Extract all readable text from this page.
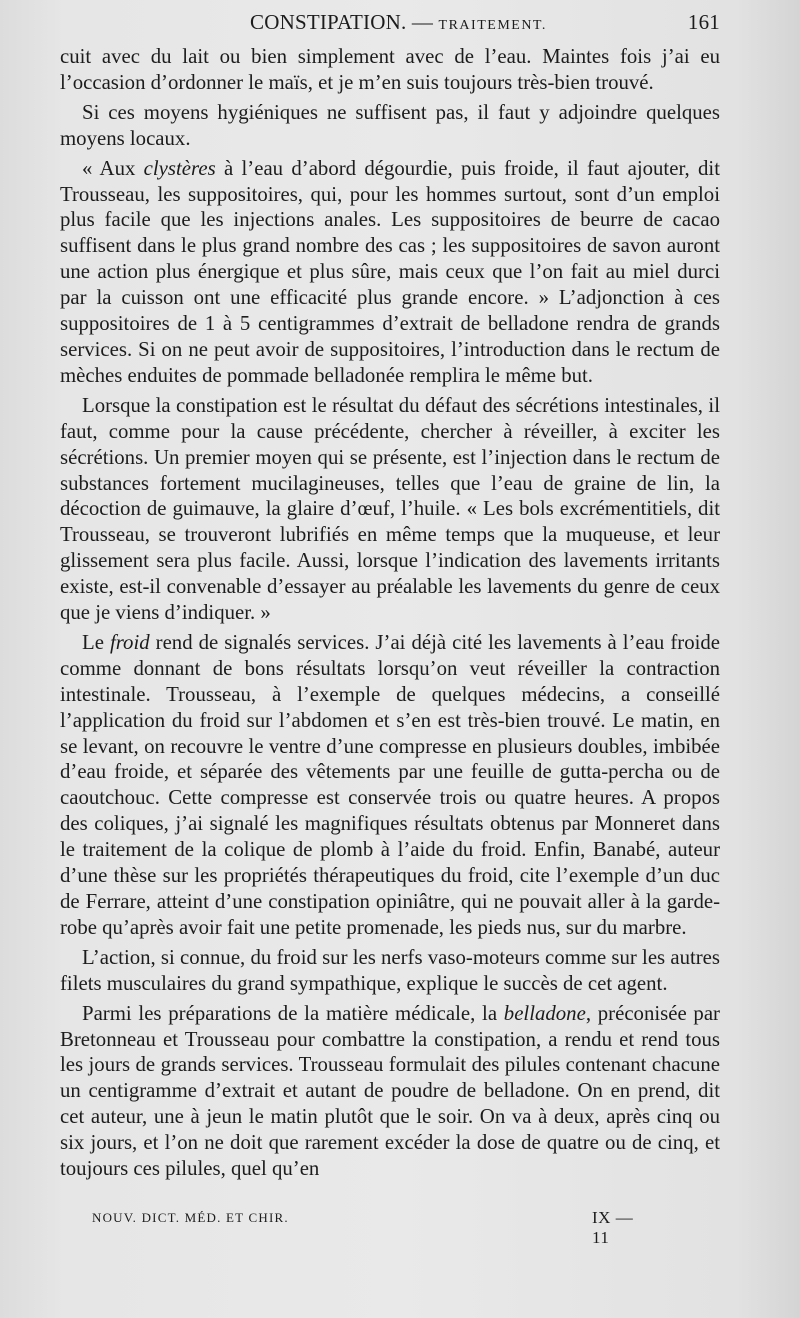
CONSTIPATION. — TRAITEMENT.	161

cuit avec du lait ou bien simplement avec de l’eau. Maintes fois j’ai eu l’occasion d’ordonner le maïs, et je m’en suis toujours très-bien trouvé.

Si ces moyens hygiéniques ne suffisent pas, il faut y adjoindre quelques moyens locaux.

« Aux clystères à l’eau d’abord dégourdie, puis froide, il faut ajouter, dit Trousseau, les suppositoires, qui, pour les hommes surtout, sont d’un emploi plus facile que les injections anales. Les suppositoires de beurre de cacao suffisent dans le plus grand nombre des cas ; les suppositoires de savon auront une action plus énergique et plus sûre, mais ceux que l’on fait au miel durci par la cuisson ont une efficacité plus grande encore. » L’adjonction à ces suppositoires de 1 à 5 centigrammes d’extrait de belladone rendra de grands services. Si on ne peut avoir de suppositoires, l’introduction dans le rectum de mèches enduites de pommade belladonée remplira le même but.

Lorsque la constipation est le résultat du défaut des sécrétions intestinales, il faut, comme pour la cause précédente, chercher à réveiller, à exciter les sécrétions. Un premier moyen qui se présente, est l’injection dans le rectum de substances fortement mucilagineuses, telles que l’eau de graine de lin, la décoction de guimauve, la glaire d’œuf, l’huile. « Les bols excrémentitiels, dit Trousseau, se trouveront lubrifiés en même temps que la muqueuse, et leur glissement sera plus facile. Aussi, lorsque l’indication des lavements irritants existe, est-il convenable d’essayer au préalable les lavements du genre de ceux que je viens d’indiquer. »

Le froid rend de signalés services. J’ai déjà cité les lavements à l’eau froide comme donnant de bons résultats lorsqu’on veut réveiller la contraction intestinale. Trousseau, à l’exemple de quelques médecins, a conseillé l’application du froid sur l’abdomen et s’en est très-bien trouvé. Le matin, en se levant, on recouvre le ventre d’une compresse en plusieurs doubles, imbibée d’eau froide, et séparée des vêtements par une feuille de gutta-percha ou de caoutchouc. Cette compresse est conservée trois ou quatre heures. A propos des coliques, j’ai signalé les magnifiques résultats obtenus par Monneret dans le traitement de la colique de plomb à l’aide du froid. Enfin, Banabé, auteur d’une thèse sur les propriétés thérapeutiques du froid, cite l’exemple d’un duc de Ferrare, atteint d’une constipation opiniâtre, qui ne pouvait aller à la garde-robe qu’après avoir fait une petite promenade, les pieds nus, sur du marbre.

L’action, si connue, du froid sur les nerfs vaso-moteurs comme sur les autres filets musculaires du grand sympathique, explique le succès de cet agent.

Parmi les préparations de la matière médicale, la belladone, préconisée par Bretonneau et Trousseau pour combattre la constipation, a rendu et rend tous les jours de grands services. Trousseau formulait des pilules contenant chacune un centigramme d’extrait et autant de poudre de belladone. On en prend, dit cet auteur, une à jeun le matin plutôt que le soir. On va à deux, après cinq ou six jours, et l’on ne doit que rarement excéder la dose de quatre ou de cinq, et toujours ces pilules, quel qu’en

NOUV. DICT. MÉD. ET CHIR.	IX — 11
